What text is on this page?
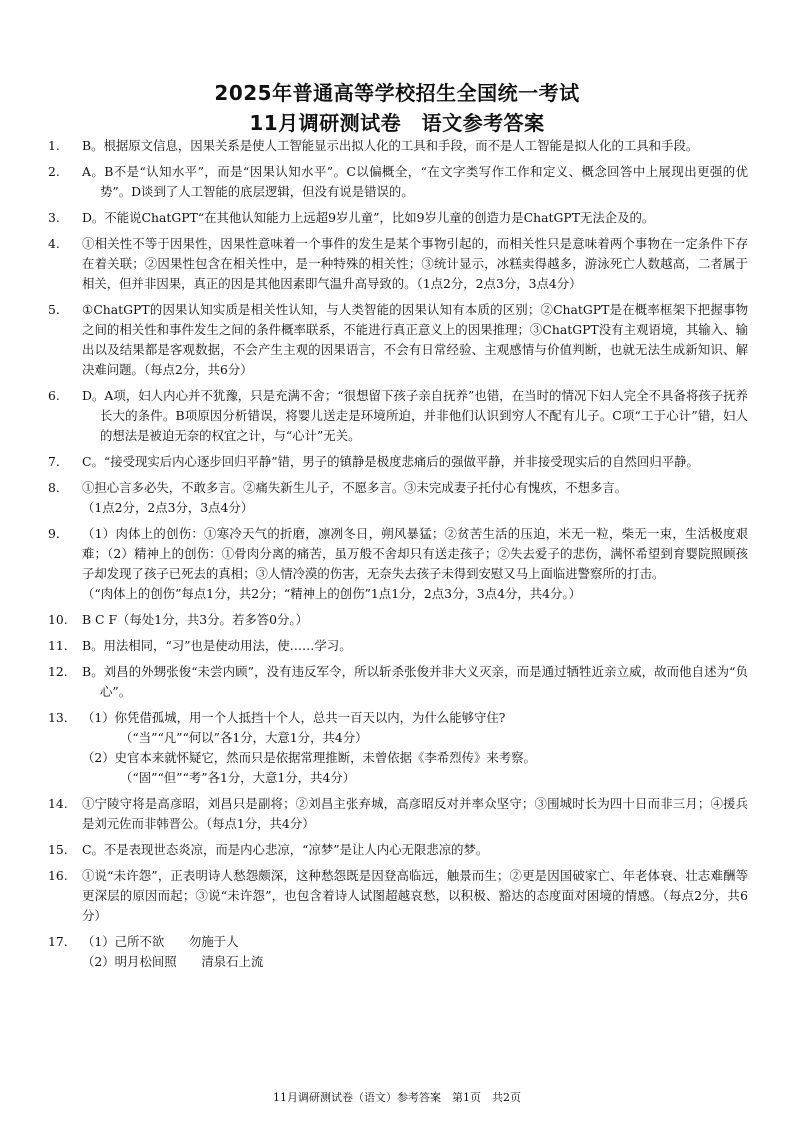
2025年普通高等学校招生全国统一考试
11月调研测试卷　语文参考答案
1.	B。根据原文信息，因果关系是使人工智能显示出拟人化的工具和手段，而不是人工智能是拟人化的工具和手段。
2.	A。B不是“认知水平”，而是“因果认知水平”。C以偏概全，“在文字类写作工作和定义、概念回答中上展现出更强的优势”。D谈到了人工智能的底层逻辑，但没有说是错误的。
3.	D。不能说ChatGPT“在其他认知能力上远超9岁儿童”，比如9岁儿童的创造力是ChatGPT无法企及的。
4.	①相关性不等于因果性，因果性意味着一个事件的发生是某个事物引起的，而相关性只是意味着两个事物在一定条件下存在着关联；②因果性包含在相关性中，是一种特殊的相关性；③统计显示，冰糕卖得越多，游泳死亡人数越高，二者属于相关，但并非因果，真正的因是其他因素即气温升高导致的。（1点2分，2点3分，3点4分）
5.	①ChatGPT的因果认知实质是相关性认知，与人类智能的因果认知有本质的区别；②ChatGPT是在概率框架下把握事物之间的相关性和事件发生之间的条件概率联系，不能进行真正意义上的因果推理；③ChatGPT没有主观语境，其输入、输出以及结果都是客观数据，不会产生主观的因果语言，不会有日常经验、主观感情与价值判断，也就无法生成新知识、解决难问题。（每点2分，共6分）
6.	D。A项，妇人内心并不犹豫，只是充满不舍；“很想留下孩子亲自抚养”也错，在当时的情况下妇人完全不具备将孩子抚养长大的条件。B项原因分析错误，将婴儿送走是环境所迫，并非他们认识到穷人不配有儿子。C项“工于心计”错，妇人的想法是被迫无奈的权宜之计，与“心计”无关。
7.	C。“接受现实后内心逐步回归平静”错，男子的镇静是极度悲痛后的强做平静，并非接受现实后的自然回归平静。
8.	①担心言多必失，不敢多言。②痛失新生儿子，不愿多言。③未完成妻子托付心有愧疚，不想多言。
（1点2分，2点3分，3点4分）
9.	（1）肉体上的创伤：①寒冷天气的折磨，凛冽冬日，朔风暴猛；②贫苦生活的压迫，米无一粒，柴无一束，生活极度艰难；（2）精神上的创伤：①骨肉分离的痛苦，虽万般不舍却只有送走孩子；②失去爱子的悲伤，满怀希望到育婴院照顾孩子却发现了孩子已死去的真相；③人情冷漠的伤害，无奈失去孩子未得到安慰又马上面临进警察所的打击。
（“肉体上的创伤”每点1分，共2分；“精神上的创伤”1点1分，2点3分，3点4分，共4分。）
10.	B C F（每处1分，共3分。若多答0分。）
11.	B。用法相同，“习”也是使动用法，使……学习。
12.	B。刘昌的外甥张俊“未尝内顾”，没有违反军令，所以斩杀张俊并非大义灭亲，而是通过牺牲近亲立威，故而他自述为“负心”。
13.	（1）你凭借孤城，用一个人抵挡十个人，总共一百天以内，为什么能够守住?
（“当”“凡”“何以”各1分，大意1分，共4分）
（2）史官本来就怀疑它，然而只是依据常理推断，未曾依据《李希烈传》来考察。
（“固”“但”“考”各1分，大意1分，共4分）
14.	①宁陵守将是高彦昭，刘昌只是副将；②刘昌主张弃城，高彦昭反对并率众坚守；③围城时长为四十日而非三月；④援兵是刘元佐而非韩晋公。（每点1分，共4分）
15.	C。不是表现世态炎凉，而是内心悲凉，“凉梦”是让人内心无限悲凉的梦。
16.	①说“未许怨”，正表明诗人愁怨颇深，这种愁怨既是因登高临远，触景而生；②更是因国破家亡、年老体衰、壮志难酬等更深层的原因而起；③说“未许怨”，也包含着诗人试图超越哀愁，以积极、豁达的态度面对困境的情感。（每点2分，共6分）
17.	（1）己所不欲　　勿施于人
（2）明月松间照　　清泉石上流
11月调研测试卷（语文）参考答案　第1页　共2页
